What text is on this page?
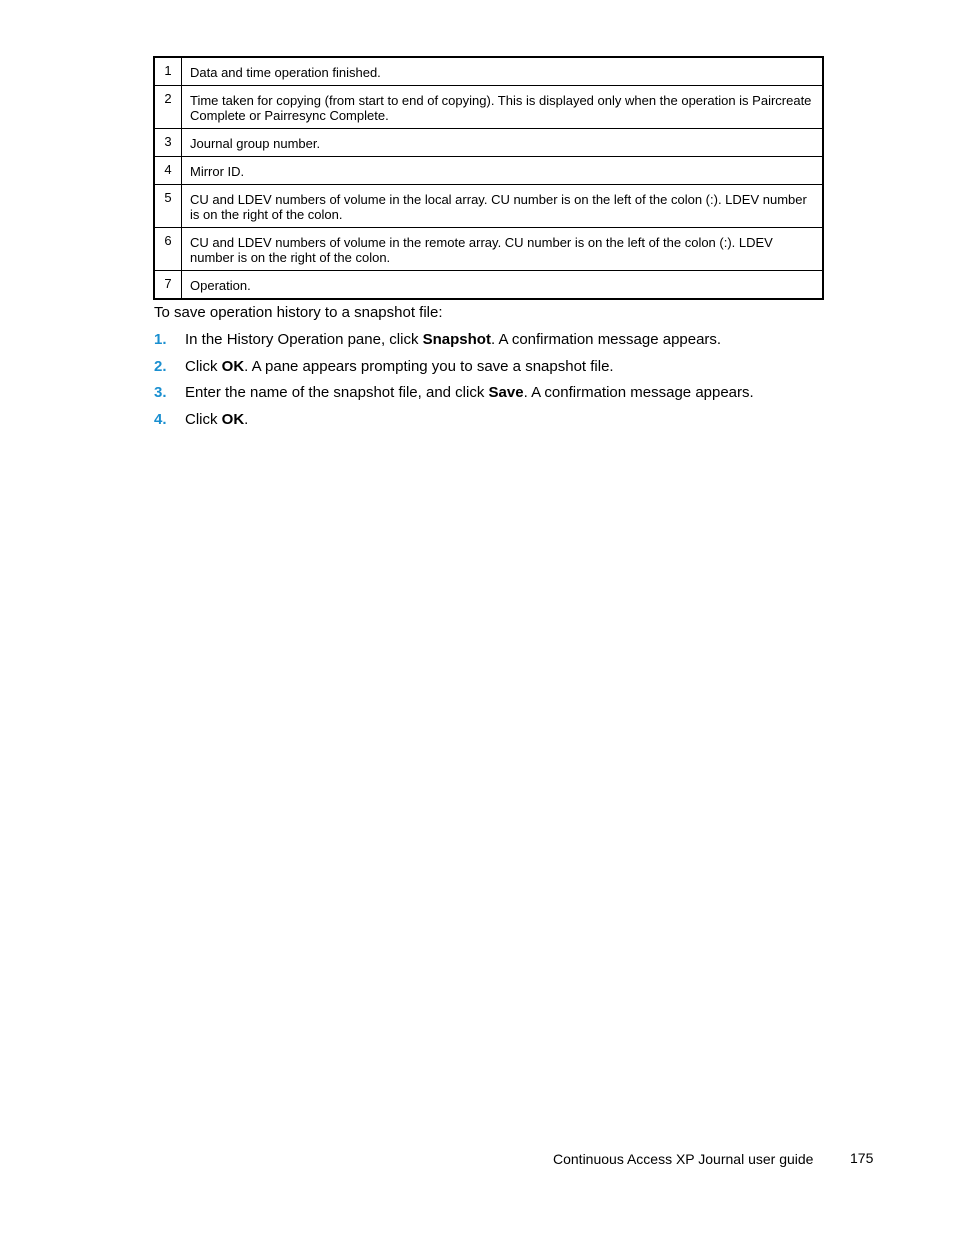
1	Data and time operation finished.
2	Time taken for copying (from start to end of copying). This is displayed only when the operation is Paircreate Complete or Pairresync Complete.
3	Journal group number.
4	Mirror ID.
5	CU and LDEV numbers of volume in the local array. CU number is on the left of the colon (:). LDEV number is on the right of the colon.
6	CU and LDEV numbers of volume in the remote array. CU number is on the left of the colon (:). LDEV number is on the right of the colon.
7	Operation.

To save operation history to a snapshot file:

1.	In the History Operation pane, click Snapshot. A confirmation message appears.
2.	Click OK. A pane appears prompting you to save a snapshot file.
3.	Enter the name of the snapshot file, and click Save. A confirmation message appears.
4.	Click OK.
Continuous Access XP Journal user guide	175
